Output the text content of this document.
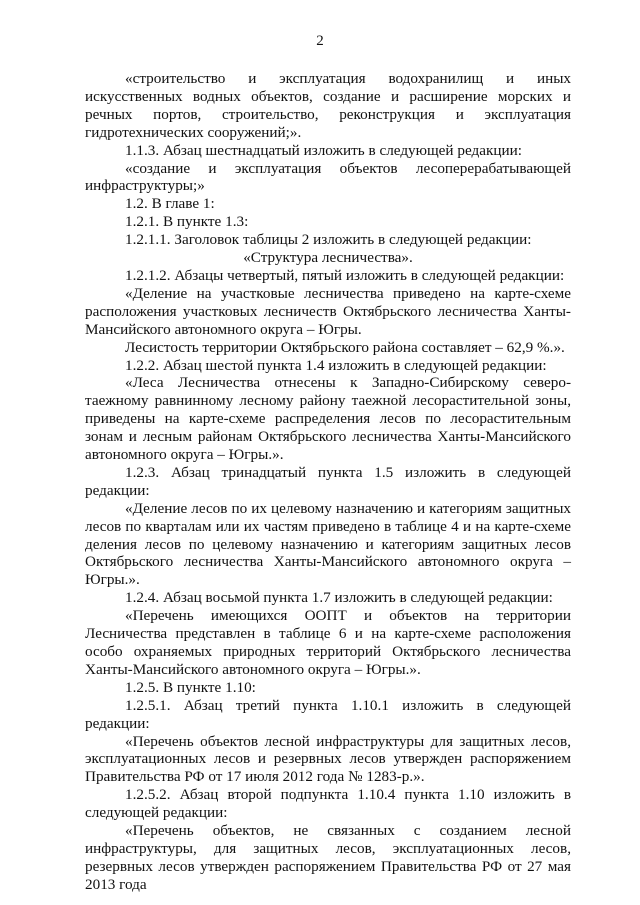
2

«строительство и эксплуатация водохранилищ и иных искусственных водных объектов, создание и расширение морских и речных портов, строительство, реконструкция и эксплуатация гидротехнических сооружений;».

1.1.3. Абзац шестнадцатый изложить в следующей редакции:

«создание и эксплуатация объектов лесоперерабатывающей инфраструктуры;»

1.2. В главе 1:

1.2.1. В пункте 1.3:

1.2.1.1. Заголовок таблицы 2 изложить в следующей редакции:

«Структура лесничества».

1.2.1.2. Абзацы четвертый, пятый изложить в следующей редакции:

«Деление на участковые лесничества приведено на карте-схеме расположения участковых лесничеств Октябрьского лесничества Ханты-Мансийского автономного округа – Югры.

Лесистость территории Октябрьского района составляет – 62,9 %.».

1.2.2. Абзац шестой пункта 1.4 изложить в следующей редакции:

«Леса Лесничества отнесены к Западно-Сибирскому северо-таежному равнинному лесному району таежной лесорастительной зоны, приведены на карте-схеме распределения лесов по лесорастительным зонам и лесным районам Октябрьского лесничества Ханты-Мансийского автономного округа – Югры.».

1.2.3. Абзац тринадцатый пункта 1.5 изложить в следующей редакции:

«Деление лесов по их целевому назначению и категориям защитных лесов по кварталам или их частям приведено в таблице 4 и на карте-схеме деления лесов по целевому назначению и категориям защитных лесов Октябрьского лесничества Ханты-Мансийского автономного округа – Югры.».

1.2.4. Абзац восьмой пункта 1.7 изложить в следующей редакции:

«Перечень имеющихся ООПТ и объектов на территории Лесничества представлен в таблице 6 и на карте-схеме расположения особо охраняемых природных территорий Октябрьского лесничества Ханты-Мансийского автономного округа – Югры.».

1.2.5. В пункте 1.10:

1.2.5.1. Абзац третий пункта 1.10.1 изложить в следующей редакции:

«Перечень объектов лесной инфраструктуры для защитных лесов, эксплуатационных лесов и резервных лесов утвержден распоряжением Правительства РФ от 17 июля 2012 года № 1283-р.».

1.2.5.2. Абзац второй подпункта 1.10.4 пункта 1.10 изложить в следующей редакции:

«Перечень объектов, не связанных с созданием лесной инфраструктуры, для защитных лесов, эксплуатационных лесов, резервных лесов утвержден распоряжением Правительства РФ от 27 мая 2013 года
